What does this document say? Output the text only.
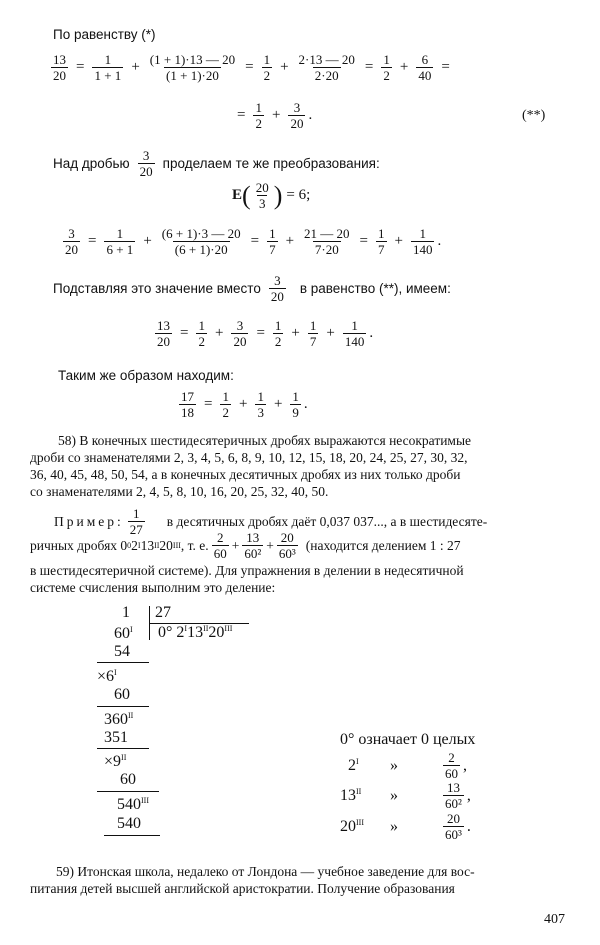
По равенству (*)
$\frac{13}{20} = \frac{1}{1 + 1} + \frac{(1 + 1)\cdot 13 — 20}{(1 + 1)\cdot 20} = \frac{1}{2} + \frac{2\cdot 13 — 20}{2\cdot 20} = \frac{1}{2} + \frac{6}{40}$ =
= $\frac{1}{2} + \frac{3}{20}$ .	(**)
Над дробью $\frac{3}{20}$ проделаем те же преобразования:
E ( $\frac{20}{3}$ ) = 6;
$\frac{3}{20} = \frac{1}{6 + 1} + \frac{(6 + 1)\cdot 3 — 20}{(6 + 1)\cdot 20} = \frac{1}{7} + \frac{21 — 20}{7\cdot 20} = \frac{1}{7} + \frac{1}{140}$ .
Подставляя это значение вместо $\frac{3}{20}$ в равенство (**), имеем:
$\frac{13}{20} = \frac{1}{2} + \frac{3}{20} = \frac{1}{2} + \frac{1}{7} + \frac{1}{140}$ .
Таким же образом находим:
$\frac{17}{18} = \frac{1}{2} + \frac{1}{3} + \frac{1}{9}$ .
58) В конечных шестидесятеричных дробях выражаются несократимые
дроби со знаменателями 2, 3, 4, 5, 6, 8, 9, 10, 12, 15, 18, 20, 24, 25, 27, 30, 32,
36, 40, 45, 48, 50, 54, а в конечных десятичных дробях из них только дроби
со знаменателями 2, 4, 5, 8, 10, 16, 20, 25, 32, 40, 50.
Пример: $\frac{1}{27}$ в десятичных дробях даёт 0,037 037..., а в шестидесяте-
ричных дробях 0 0 2 I 13 II 20 III , т. е. $\frac{2}{60} + \frac{13}{\text{60²}} + \frac{20}{\text{60³}}$ (находится делением 1 : 27
в шестидесятеричной системе). Для упражнения в делении в недесятичной
системе счисления выполним это деление:
1 27
0° $2^I13^{II}20^{III}$
$60^I$
54
$\times 6^I$
60
$360^{II}$
351
$\times 9^{II}$
60
$540^{III}$
540
0° означает 0 целых
$2^I$	»	$\frac{2}{60}$ ,
$13^{II}$	»	$\frac{13}{\text{60²}}$ ,
$20^{III}$	»	$\frac{20}{\text{60³}}$ .
59) Итонская школа, недалеко от Лондона — учебное заведение для вос-
питания детей высшей английской аристократии. Получение образования
407
